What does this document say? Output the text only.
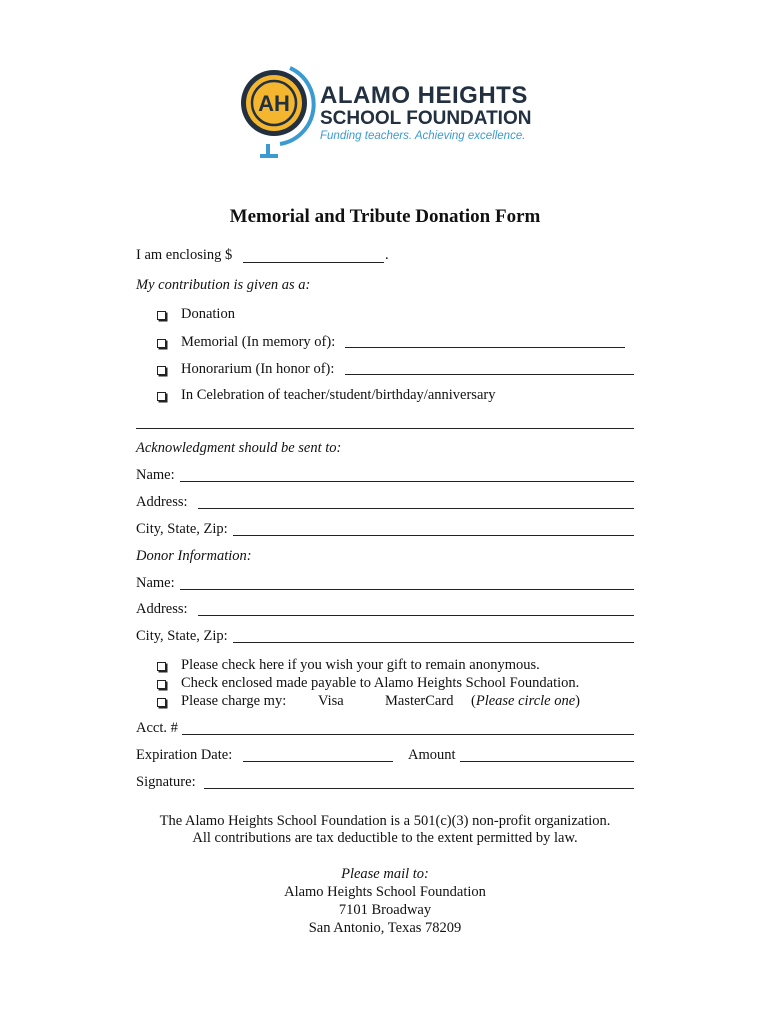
AH ALAMO HEIGHTS
SCHOOL FOUNDATION
Funding teachers. Achieving excellence.
Memorial and Tribute Donation Form
I am enclosing $	.
My contribution is given as a:
Donation
Memorial (In memory of):
Honorarium (In honor of):
In Celebration of teacher/student/birthday/anniversary
Acknowledgment should be sent to:
Name:
Address:
City, State, Zip:
Donor Information:
Name:
Address:
City, State, Zip:
Please check here if you wish your gift to remain anonymous.
Check enclosed made payable to Alamo Heights School Foundation.
Please charge my: Visa	MasterCard (Please circle one)
Acct. #
Expiration Date:	Amount
Signature:
The Alamo Heights School Foundation is a 501(c)(3) non-profit organization.
All contributions are tax deductible to the extent permitted by law.
Please mail to:
Alamo Heights School Foundation
7101 Broadway
San Antonio, Texas 78209
